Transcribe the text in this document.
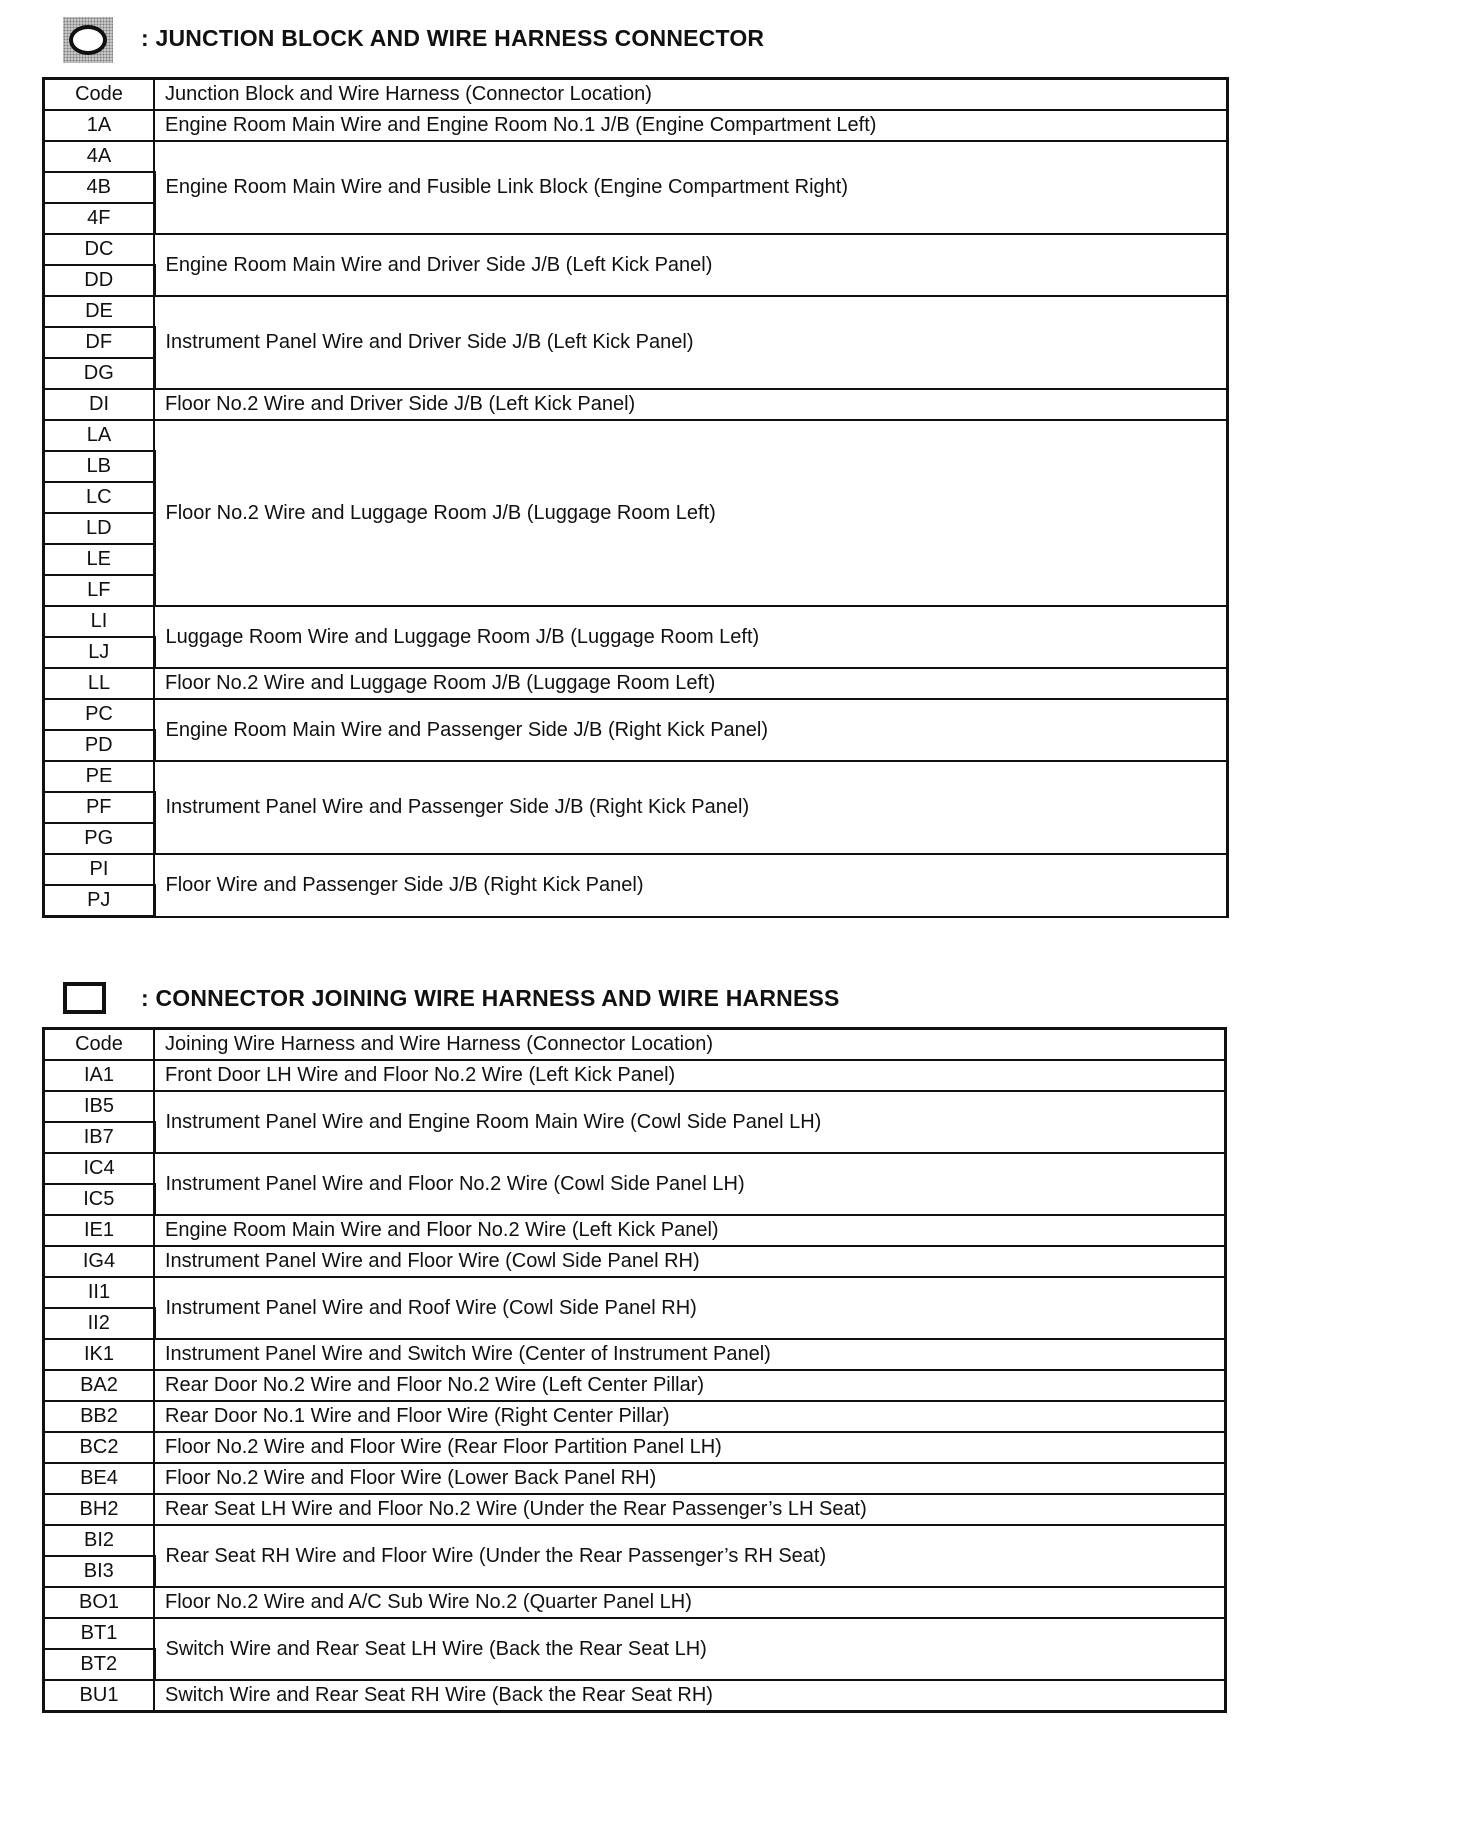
: JUNCTION BLOCK AND WIRE HARNESS CONNECTOR
Code	Junction Block and Wire Harness (Connector Location)
1A	Engine Room Main Wire and Engine Room No.1 J/B (Engine Compartment Left)
4A	Engine Room Main Wire and Fusible Link Block (Engine Compartment Right)
4B	
4F	
DC	Engine Room Main Wire and Driver Side J/B (Left Kick Panel)
DD	
DE	Instrument Panel Wire and Driver Side J/B (Left Kick Panel)
DF	
DG	
DI	Floor No.2 Wire and Driver Side J/B (Left Kick Panel)
LA	Floor No.2 Wire and Luggage Room J/B (Luggage Room Left)
LB	
LC	
LD	
LE	
LF	
LI	Luggage Room Wire and Luggage Room J/B (Luggage Room Left)
LJ	
LL	Floor No.2 Wire and Luggage Room J/B (Luggage Room Left)
PC	Engine Room Main Wire and Passenger Side J/B (Right Kick Panel)
PD	
PE	Instrument Panel Wire and Passenger Side J/B (Right Kick Panel)
PF	
PG	
PI	Floor Wire and Passenger Side J/B (Right Kick Panel)
PJ	
: CONNECTOR JOINING WIRE HARNESS AND WIRE HARNESS
Code	Joining Wire Harness and Wire Harness (Connector Location)
IA1	Front Door LH Wire and Floor No.2 Wire (Left Kick Panel)
IB5	Instrument Panel Wire and Engine Room Main Wire (Cowl Side Panel LH)
IB7	
IC4	Instrument Panel Wire and Floor No.2 Wire (Cowl Side Panel LH)
IC5	
IE1	Engine Room Main Wire and Floor No.2 Wire (Left Kick Panel)
IG4	Instrument Panel Wire and Floor Wire (Cowl Side Panel RH)
II1	Instrument Panel Wire and Roof Wire (Cowl Side Panel RH)
II2	
IK1	Instrument Panel Wire and Switch Wire (Center of Instrument Panel)
BA2	Rear Door No.2 Wire and Floor No.2 Wire (Left Center Pillar)
BB2	Rear Door No.1 Wire and Floor Wire (Right Center Pillar)
BC2	Floor No.2 Wire and Floor Wire (Rear Floor Partition Panel LH)
BE4	Floor No.2 Wire and Floor Wire (Lower Back Panel RH)
BH2	Rear Seat LH Wire and Floor No.2 Wire (Under the Rear Passenger’s LH Seat)
BI2	Rear Seat RH Wire and Floor Wire (Under the Rear Passenger’s RH Seat)
BI3	
BO1	Floor No.2 Wire and A/C Sub Wire No.2 (Quarter Panel LH)
BT1	Switch Wire and Rear Seat LH Wire (Back the Rear Seat LH)
BT2	
BU1	Switch Wire and Rear Seat RH Wire (Back the Rear Seat RH)
